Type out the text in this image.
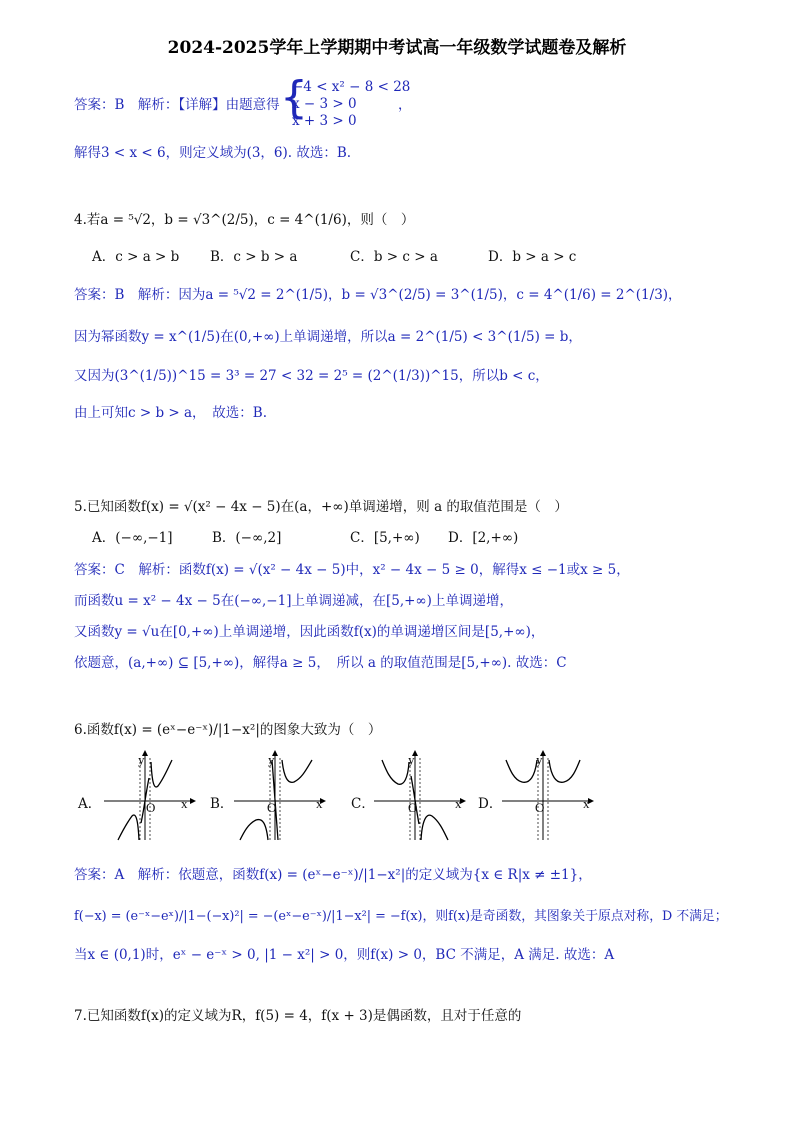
2024-2025学年上学期期中考试高一年级数学试题卷及解析
答案：B　解析：【详解】由题意得 {
−4 < x² − 8 < 28
x − 3 > 0
x + 3 > 0
，
解得3 < x < 6，则定义域为(3，6). 故选：B.
4.若a = ⁵√2，b = √3^(2/5)，c = 4^(1/6)，则（　）
A．c > a > b B．c > b > a	C．b > c > a	D．b > a > c
答案：B　解析：因为a = ⁵√2 = 2^(1/5)，b = √3^(2/5) = 3^(1/5)，c = 4^(1/6) = 2^(1/3)，
因为幂函数y = x^(1/5)在(0,+∞)上单调递增，所以a = 2^(1/5) < 3^(1/5) = b，
又因为(3^(1/5))^15 = 3³ = 27 < 32 = 2⁵ = (2^(1/3))^15，所以b < c，
由上可知c > b > a，　故选：B.
5.已知函数f(x) = √(x² − 4x − 5)在(a，+∞)单调递增，则 a 的取值范围是（　）
A．(−∞,−1]	B．(−∞,2]	C．[5,+∞) D．[2,+∞)
答案：C　解析：函数f(x) = √(x² − 4x − 5)中，x² − 4x − 5 ≥ 0，解得x ≤ −1或x ≥ 5，
而函数u = x² − 4x − 5在(−∞,−1]上单调递减，在[5,+∞)上单调递增，
又函数y = √u在[0,+∞)上单调递增，因此函数f(x)的单调递增区间是[5,+∞)，
依题意，(a,+∞) ⊆ [5,+∞)，解得a ≥ 5，　所以 a 的取值范围是[5,+∞). 故选：C
6.函数f(x) = (eˣ−e⁻ˣ)/|1−x²|的图象大致为（　）
A．
y
x
O	B．
y
x
O	C．
y
x
O	D．
y
x
O
答案：A　解析：依题意，函数f(x) = (eˣ−e⁻ˣ)/|1−x²|的定义域为{x ∈ R|x ≠ ±1}，
f(−x) = (e⁻ˣ−eˣ)/|1−(−x)²| = −(eˣ−e⁻ˣ)/|1−x²| = −f(x)，则f(x)是奇函数，其图象关于原点对称，D 不满足；
当x ∈ (0,1)时，eˣ − e⁻ˣ > 0, |1 − x²| > 0，则f(x) > 0，BC 不满足，A 满足. 故选：A
7.已知函数f(x)的定义域为R，f(5) = 4，f(x + 3)是偶函数，且对于任意的
